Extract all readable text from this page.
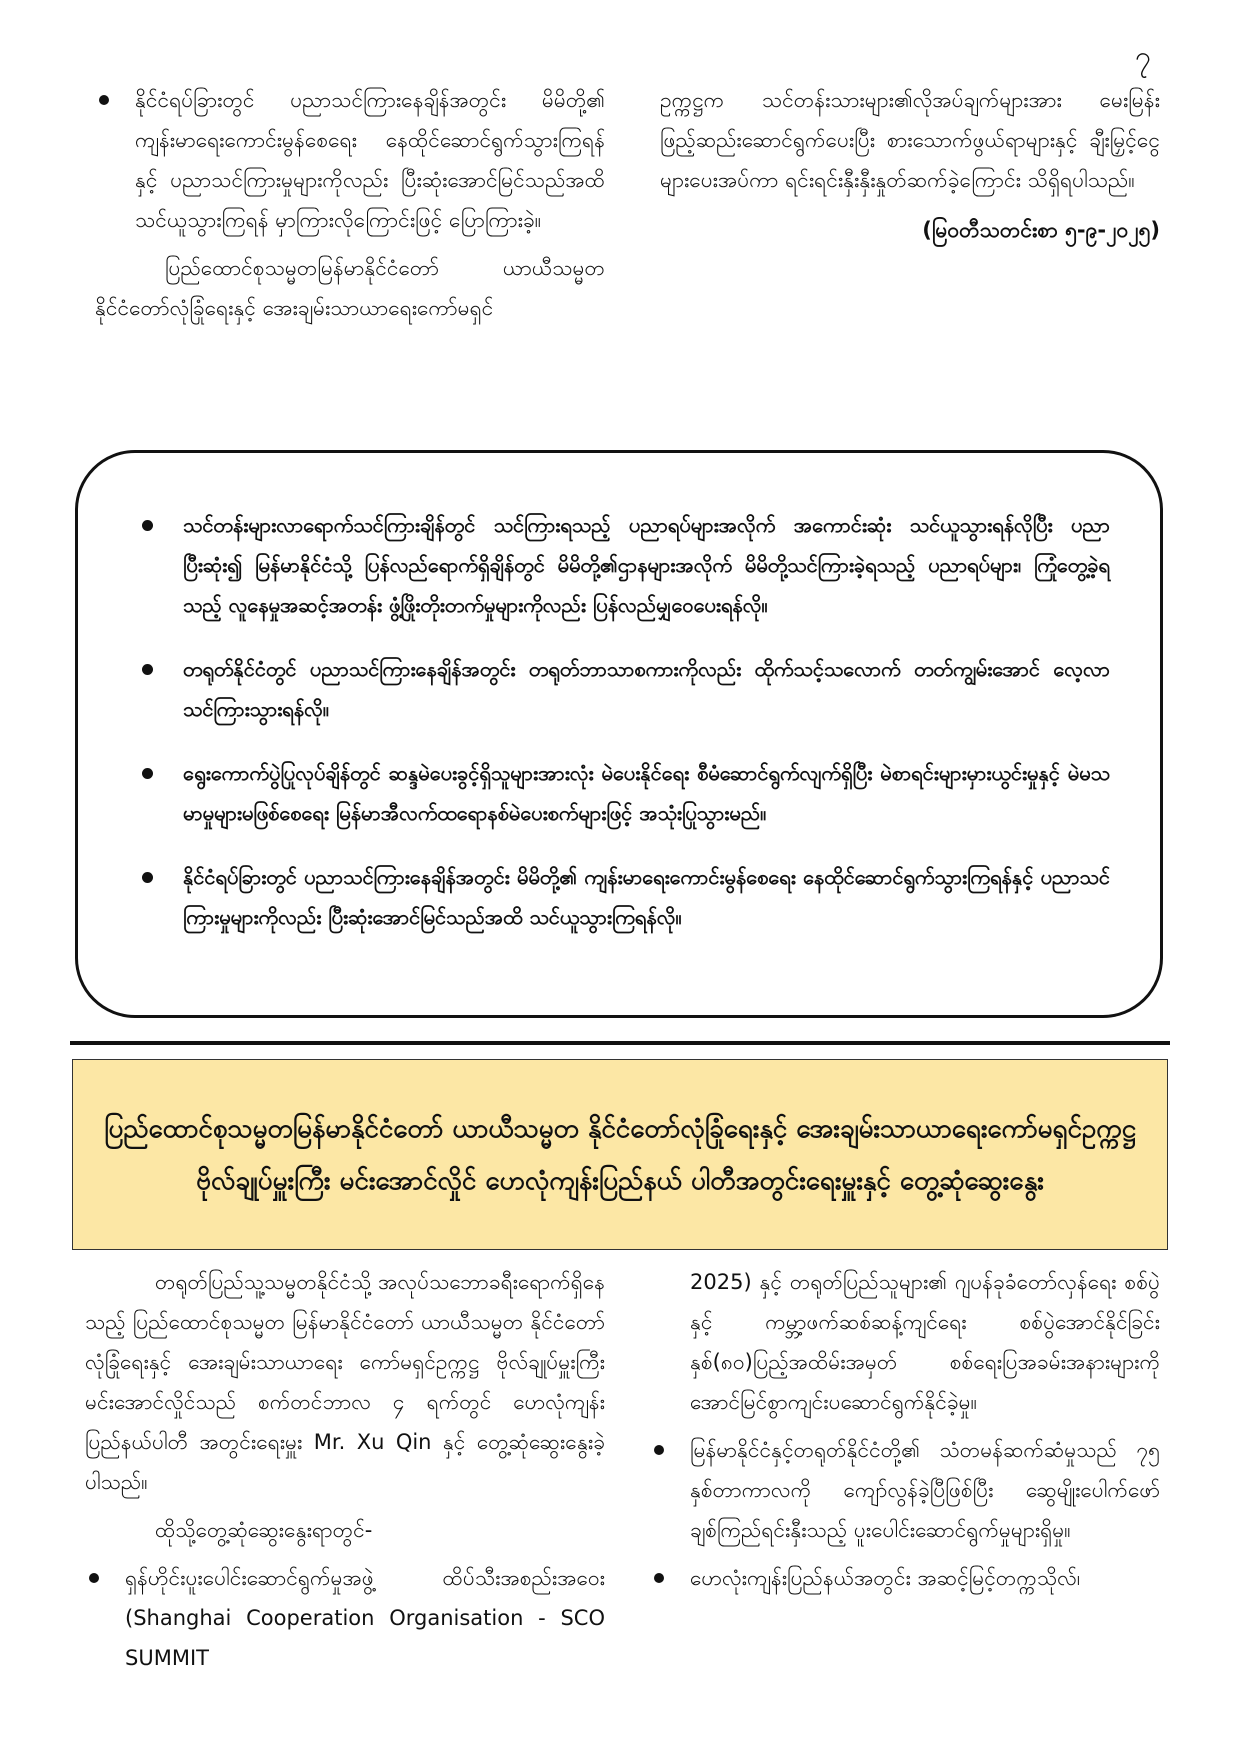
၇
နိုင်ငံရပ်ခြားတွင် ပညာသင်ကြားနေချိန်အတွင်း မိမိတို့၏ ကျန်းမာရေးကောင်းမွန်စေရေး နေထိုင်ဆောင်ရွက်သွားကြရန်နှင့် ပညာသင်ကြားမှုများကိုလည်း ပြီးဆုံးအောင်မြင်သည်အထိ သင်ယူသွားကြရန် မှာကြားလိုကြောင်းဖြင့် ပြောကြားခဲ့။

ပြည်ထောင်စုသမ္မတမြန်မာနိုင်ငံတော် ယာယီသမ္မတ နိုင်ငံတော်လုံခြုံရေးနှင့် အေးချမ်းသာယာရေးကော်မရှင်

ဥက္ကဋ္ဌက သင်တန်းသားများ၏လိုအပ်ချက်များအား မေးမြန်းဖြည့်ဆည်းဆောင်ရွက်ပေးပြီး စားသောက်ဖွယ်ရာများနှင့် ချီးမြှင့်ငွေများပေးအပ်ကာ ရင်းရင်းနှီးနှီးနှုတ်ဆက်ခဲ့ကြောင်း သိရှိရပါသည်။

(မြဝတီသတင်းစာ ၅-၉-၂၀၂၅)
သင်တန်းများလာရောက်သင်ကြားချိန်တွင် သင်ကြားရသည့် ပညာရပ်များအလိုက် အကောင်းဆုံး သင်ယူသွားရန်လိုပြီး ပညာပြီးဆုံး၍ မြန်မာနိုင်ငံသို့ ပြန်လည်ရောက်ရှိချိန်တွင် မိမိတို့၏ဌာနများအလိုက် မိမိတို့သင်ကြားခဲ့ရသည့် ပညာရပ်များ၊ ကြုံတွေ့ခဲ့ရသည့် လူနေမှုအဆင့်အတန်း ဖွံ့ဖြိုးတိုးတက်မှုများကိုလည်း ပြန်လည်မျှဝေပေးရန်လို။
တရုတ်နိုင်ငံတွင် ပညာသင်ကြားနေချိန်အတွင်း တရုတ်ဘာသာစကားကိုလည်း ထိုက်သင့်သလောက် တတ်ကျွမ်းအောင် လေ့လာသင်ကြားသွားရန်လို။
ရွေးကောက်ပွဲပြုလုပ်ချိန်တွင် ဆန္ဒမဲပေးခွင့်ရှိသူများအားလုံး မဲပေးနိုင်ရေး စီမံဆောင်ရွက်လျက်ရှိပြီး မဲစာရင်းများမှားယွင်းမှုနှင့် မဲမသမာမှုများမဖြစ်စေရေး မြန်မာအီလက်ထရောနစ်မဲပေးစက်များဖြင့် အသုံးပြုသွားမည်။
နိုင်ငံရပ်ခြားတွင် ပညာသင်ကြားနေချိန်အတွင်း မိမိတို့၏ ကျန်းမာရေးကောင်းမွန်စေရေး နေထိုင်ဆောင်ရွက်သွားကြရန်နှင့် ပညာသင်ကြားမှုများကိုလည်း ပြီးဆုံးအောင်မြင်သည်အထိ သင်ယူသွားကြရန်လို။
ပြည်ထောင်စုသမ္မတမြန်မာနိုင်ငံတော် ယာယီသမ္မတ နိုင်ငံတော်လုံခြုံရေးနှင့် အေးချမ်းသာယာရေးကော်မရှင်ဥက္ကဋ္ဌ ဗိုလ်ချုပ်မှူးကြီး မင်းအောင်လှိုင် ဟေလုံကျန်းပြည်နယ် ပါတီအတွင်းရေးမှူးနှင့် တွေ့ဆုံဆွေးနွေး

တရုတ်ပြည်သူ့သမ္မတနိုင်ငံသို့ အလုပ်သဘောခရီးရောက်ရှိနေသည့် ပြည်ထောင်စုသမ္မတ မြန်မာနိုင်ငံတော် ယာယီသမ္မတ နိုင်ငံတော်လုံခြုံရေးနှင့် အေးချမ်းသာယာရေး ကော်မရှင်ဥက္ကဋ္ဌ ဗိုလ်ချုပ်မှူးကြီး မင်းအောင်လှိုင်သည် စက်တင်ဘာလ ၄ ရက်တွင် ဟေလုံကျန်းပြည်နယ်ပါတီ အတွင်းရေးမှူး Mr. Xu Qin နှင့် တွေ့ဆုံဆွေးနွေးခဲ့ပါသည်။

ထိုသို့တွေ့ဆုံဆွေးနွေးရာတွင်-

ရှန်ဟိုင်းပူးပေါင်းဆောင်ရွက်မှုအဖွဲ့ ထိပ်သီးအစည်းအဝေး (Shanghai Cooperation Organisation - SCO SUMMIT

2025) နှင့် တရုတ်ပြည်သူများ၏ ဂျပန်ခုခံတော်လှန်ရေး စစ်ပွဲနှင့် ကမ္ဘာ့ဖက်ဆစ်ဆန့်ကျင်ရေး စစ်ပွဲအောင်နိုင်ခြင်း နှစ်(၈၀)ပြည့်အထိမ်းအမှတ် စစ်ရေးပြအခမ်းအနားများကို အောင်မြင်စွာကျင်းပဆောင်ရွက်နိုင်ခဲ့မှု။

မြန်မာနိုင်ငံနှင့်တရုတ်နိုင်ငံတို့၏ သံတမန်ဆက်ဆံမှုသည် ၇၅ နှစ်တာကာလကို ကျော်လွန်ခဲ့ပြီဖြစ်ပြီး ဆွေမျိုးပေါက်ဖော်ချစ်ကြည်ရင်းနှီးသည့် ပူးပေါင်းဆောင်ရွက်မှုများရှိမှု။
ဟေလုံးကျန်းပြည်နယ်အတွင်း အဆင့်မြင့်တက္ကသိုလ်၊
